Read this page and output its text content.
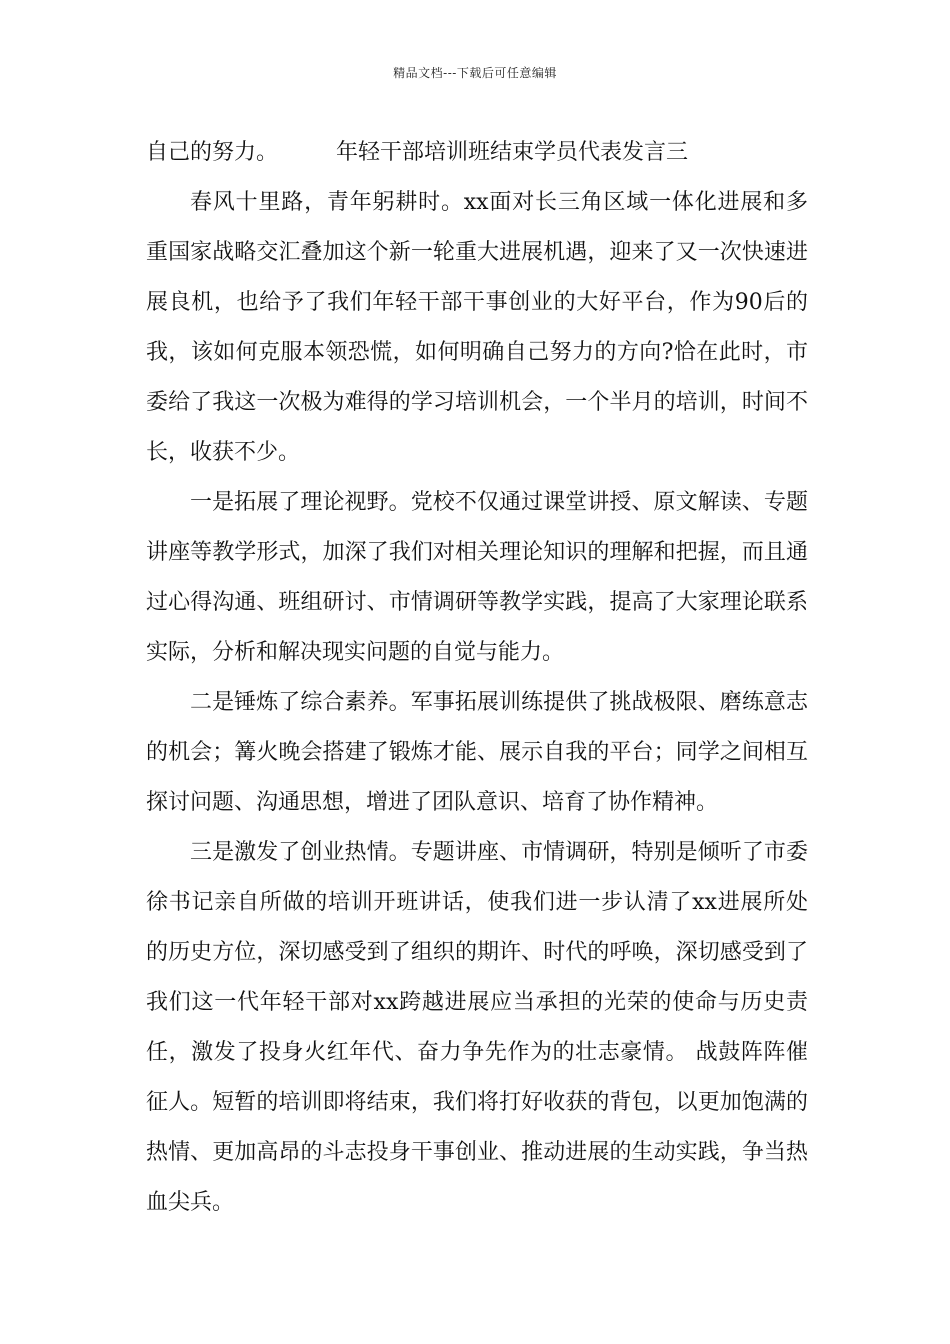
精品文档---下载后可任意编辑

自己的努力。	年轻干部培训班结束学员代表发言三

春风十里路，青年躬耕时。xx面对长三角区域一体化进展和多重国家战略交汇叠加这个新一轮重大进展机遇，迎来了又一次快速进展良机，也给予了我们年轻干部干事创业的大好平台，作为90后的我，该如何克服本领恐慌，如何明确自己努力的方向?恰在此时，市委给了我这一次极为难得的学习培训机会，一个半月的培训，时间不长，收获不少。

一是拓展了理论视野。党校不仅通过课堂讲授、原文解读、专题讲座等教学形式，加深了我们对相关理论知识的理解和把握，而且通过心得沟通、班组研讨、市情调研等教学实践，提高了大家理论联系实际，分析和解决现实问题的自觉与能力。

二是锤炼了综合素养。军事拓展训练提供了挑战极限、磨练意志的机会；篝火晚会搭建了锻炼才能、展示自我的平台；同学之间相互探讨问题、沟通思想，增进了团队意识、培育了协作精神。

三是激发了创业热情。专题讲座、市情调研，特别是倾听了市委徐书记亲自所做的培训开班讲话，使我们进一步认清了xx进展所处的历史方位，深切感受到了组织的期许、时代的呼唤，深切感受到了我们这一代年轻干部对xx跨越进展应当承担的光荣的使命与历史责任，激发了投身火红年代、奋力争先作为的壮志豪情。 战鼓阵阵催征人。短暂的培训即将结束，我们将打好收获的背包，以更加饱满的热情、更加高昂的斗志投身干事创业、推动进展的生动实践，争当热血尖兵。
